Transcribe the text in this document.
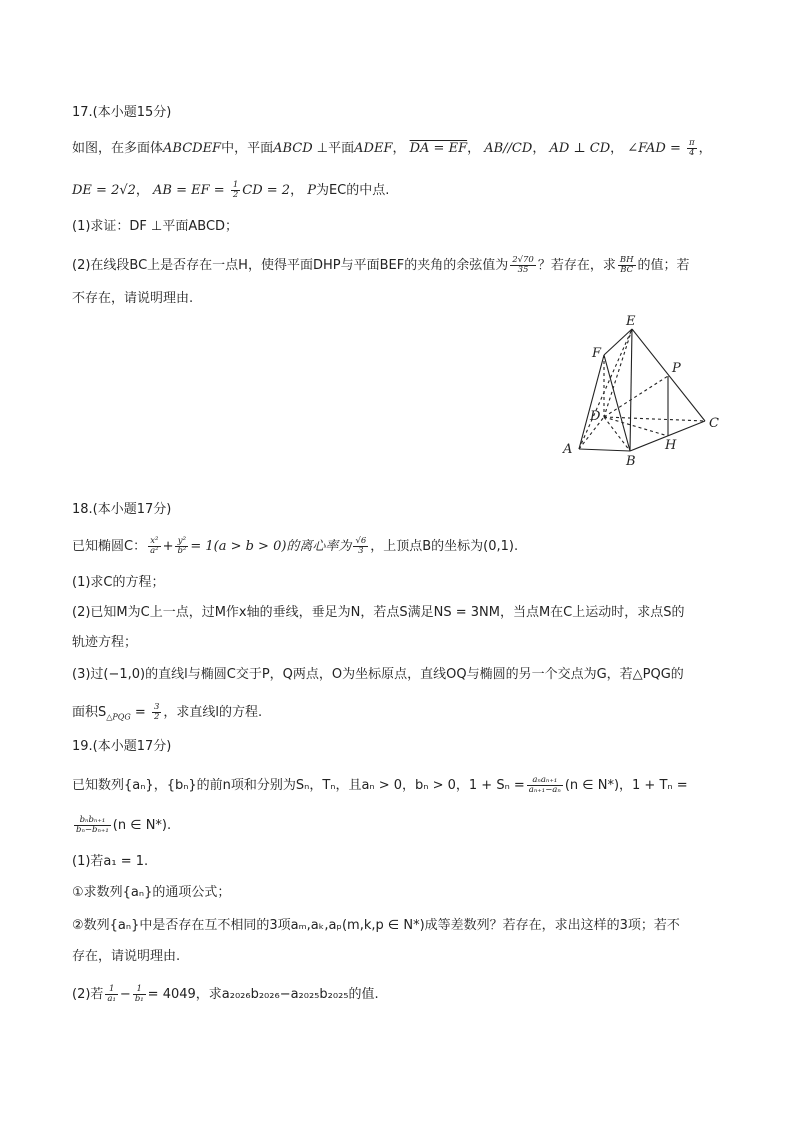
17.(本小题15分)
如图，在多面体ABCDEF中，平面ABCD ⊥平面ADEF， DA = EF， AB//CD， AD ⊥ CD， ∠FAD = $\frac{\pi}{4}$ ，
DE = 2√2， AB = EF = $\frac{1}{2}$ CD = 2， P为EC的中点.
(1)求证：DF ⊥平面ABCD；
(2)在线段BC上是否存在一点H，使得平面DHP与平面BEF的夹角的余弦值为 $\frac{2√70}{35}$ ？若存在，求 $\frac{BH}{BC}$ 的值；若
不存在，请说明理由.
E
F
P
D	C
A
B
H
18.(本小题17分)
已知椭圆C： $\frac{\text{x²}}{\text{a²}} + \frac{\text{y²}}{\text{b²}} = 1(a > b > 0)$的离心率为 $\frac{√6}{3}$ ，上顶点B的坐标为(0,1).
(1)求C的方程；
(2)已知M为C上一点，过M作x轴的垂线，垂足为N，若点S满足NS = 3NM，当点M在C上运动时，求点S的
轨迹方程；
(3)过(−1,0)的直线l与椭圆C交于P，Q两点，O为坐标原点，直线OQ与椭圆的另一个交点为G，若△PQG的
面积$S_{\triangle PQG} = \frac{3}{2}$ ，求直线l的方程.
19.(本小题17分)
已知数列{aₙ}，{bₙ}的前n项和分别为Sₙ，Tₙ，且aₙ > 0，bₙ > 0，$1 + S_n = \frac{\text{aₙaₙ₊₁}}{\text{aₙ₊₁−aₙ}} (n$ ∈ N*)，1 + Tₙ =
$\frac{\text{bₙbₙ₊₁}}{\text{bₙ−bₙ₊₁}} (n$ ∈ N*).
(1)若a₁ = 1.
①求数列{aₙ}的通项公式；
②数列{aₙ}中是否存在互不相同的3项aₘ,aₖ,aₚ(m,k,p ∈ N*)成等差数列？若存在，求出这样的3项；若不
存在，请说明理由.
(2)若 $\frac{1}{\text{a₁}} - \frac{1}{\text{b₁}} = 4049$，求a₂₀₂₆b₂₀₂₆−a₂₀₂₅b₂₀₂₅的值.
